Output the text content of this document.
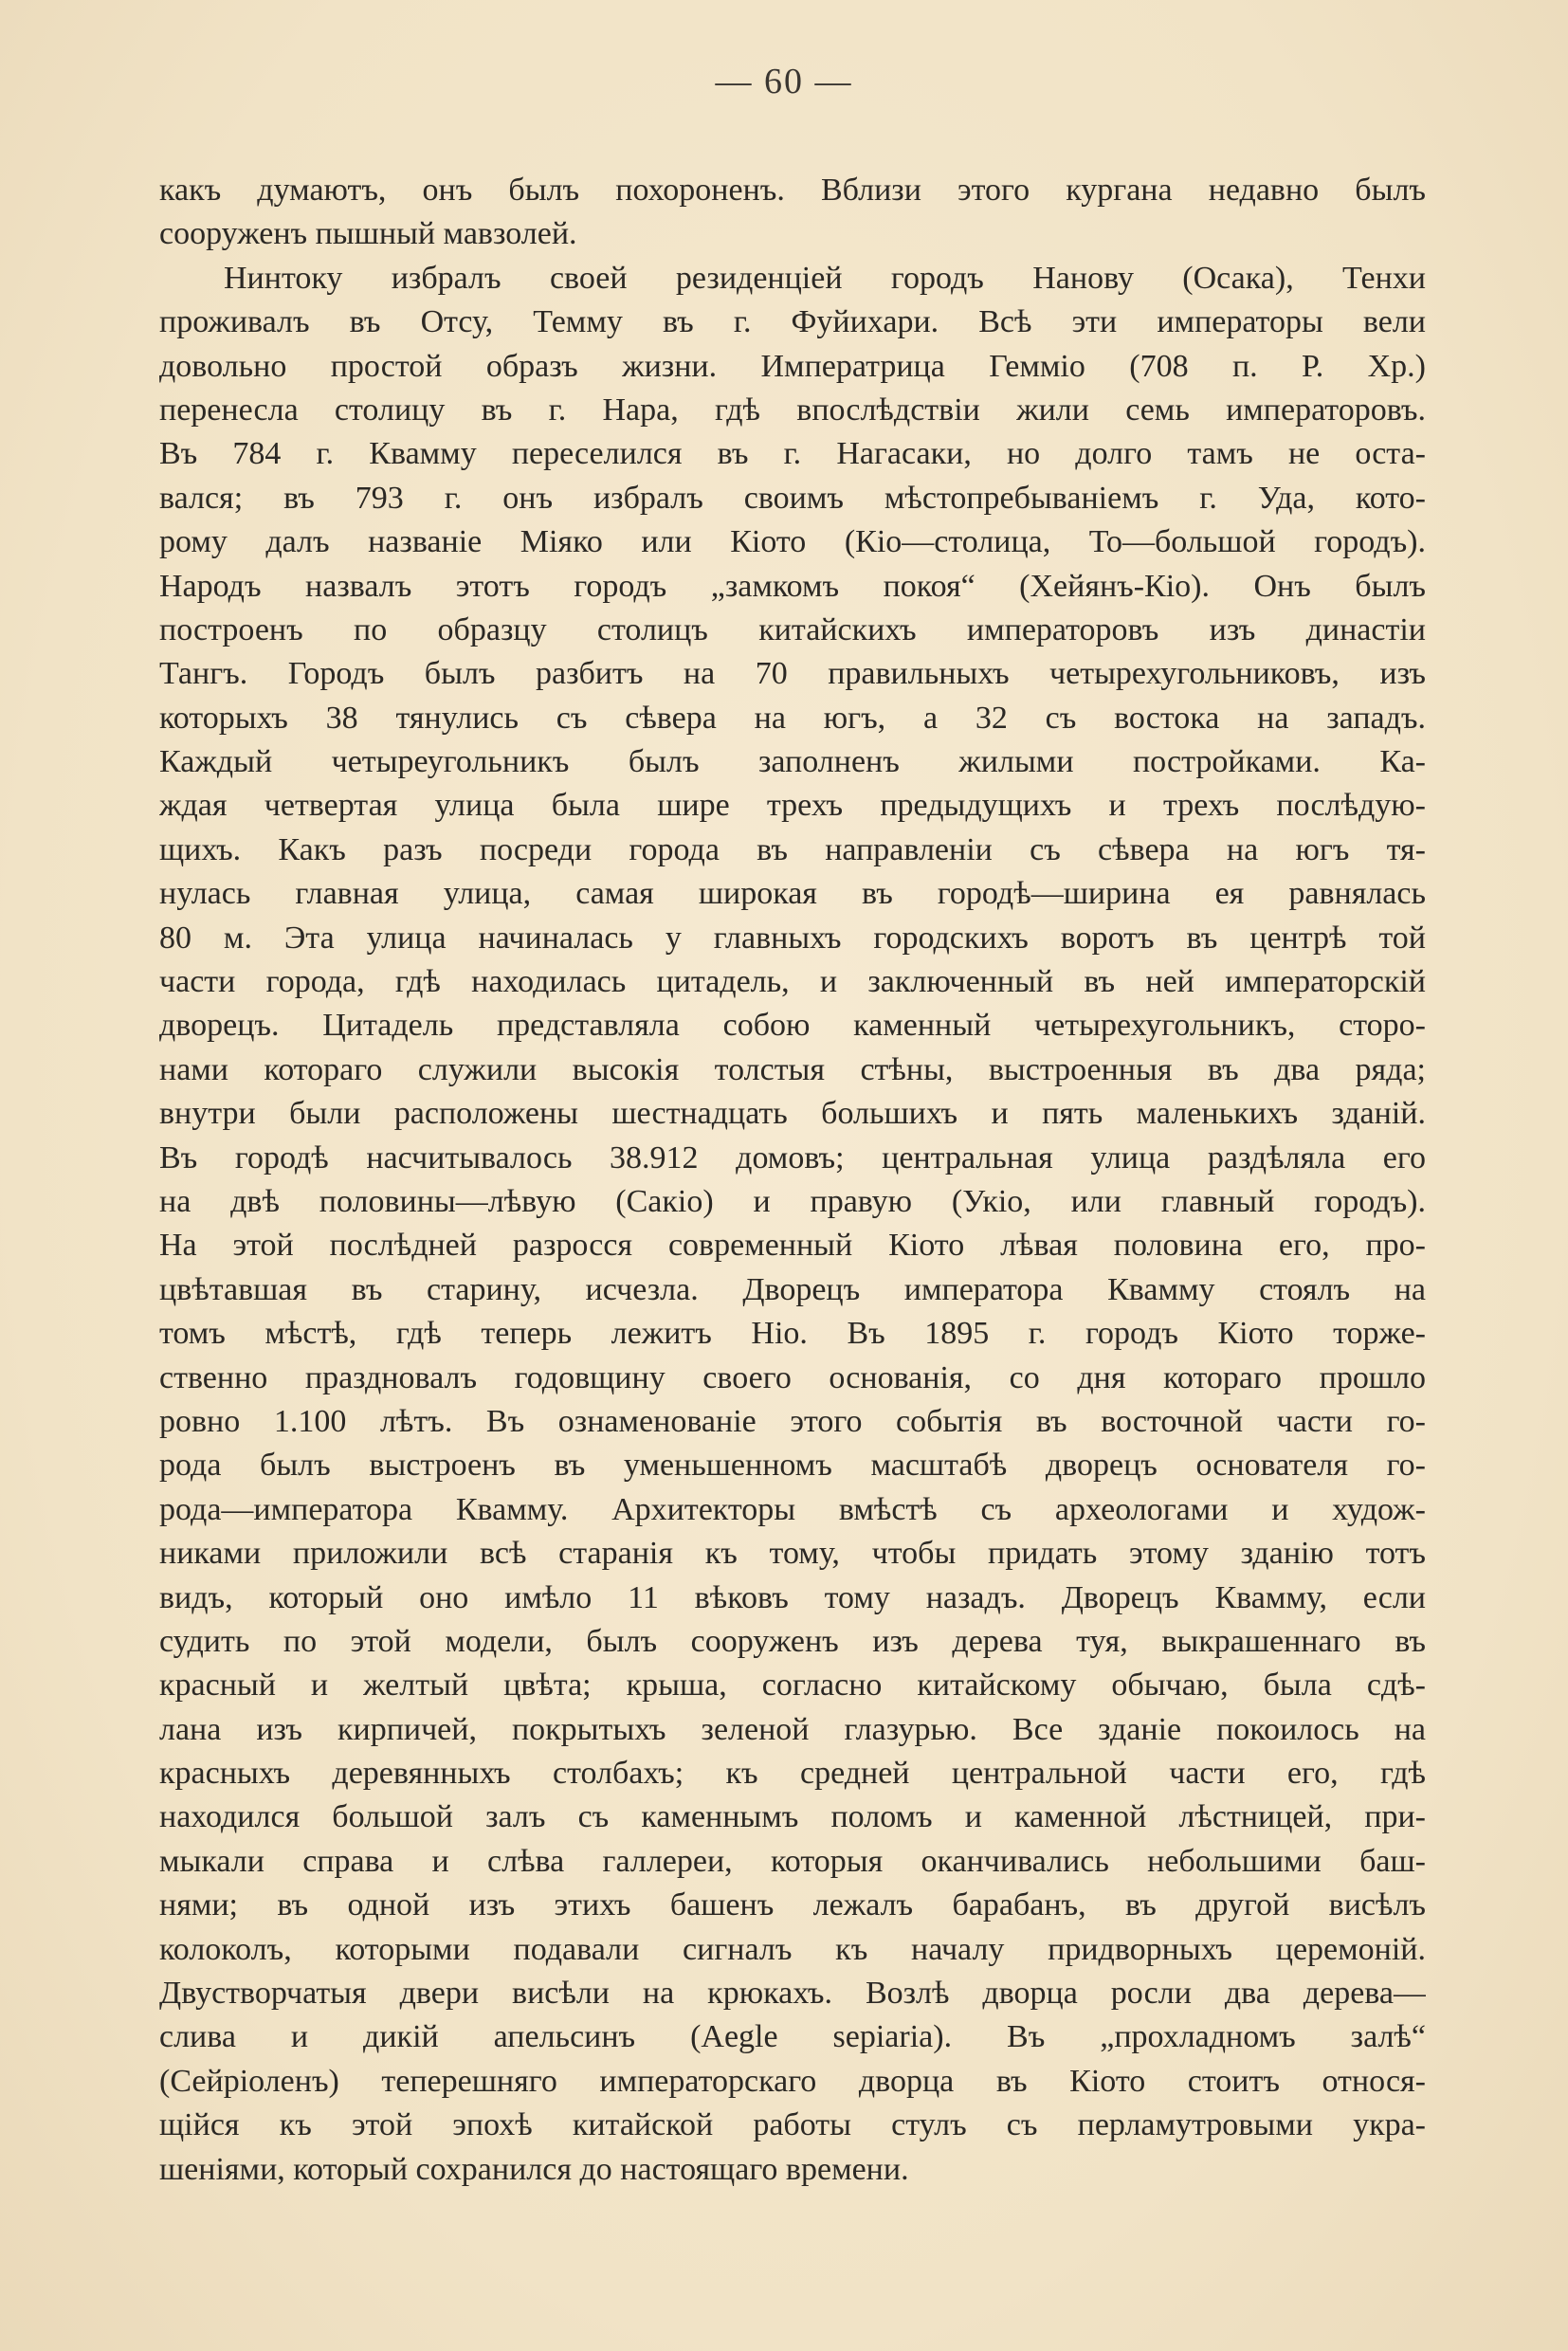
— 60 —
какъ думаютъ, онъ былъ похороненъ. Вблизи этого кургана недавно былъ
сооруженъ пышный мавзолей.
Нинтоку избралъ своей резиденціей городъ Нанову (Осака), Тенхи
проживалъ въ Отсу, Темму въ г. Фуйихари. Всѣ эти императоры вели
довольно простой образъ жизни. Императрица Гемміо (708 п. Р. Хр.)
перенесла столицу въ г. Нара, гдѣ впослѣдствіи жили семь императоровъ.
Въ 784 г. Квамму переселился въ г. Нагасаки, но долго тамъ не оста-
вался; въ 793 г. онъ избралъ своимъ мѣстопребываніемъ г. Уда, кото-
рому далъ названіе Міяко или Кіото (Кіо—столица, То—большой городъ).
Народъ назвалъ этотъ городъ „замкомъ покоя“ (Хейянъ-Кіо). Онъ былъ
построенъ по образцу столицъ китайскихъ императоровъ изъ династіи
Тангъ. Городъ былъ разбитъ на 70 правильныхъ четырехугольниковъ, изъ
которыхъ 38 тянулись съ сѣвера на югъ, а 32 съ востока на западъ.
Каждый четыреугольникъ былъ заполненъ жилыми постройками. Ка-
ждая четвертая улица была шире трехъ предыдущихъ и трехъ послѣдую-
щихъ. Какъ разъ посреди города въ направленіи съ сѣвера на югъ тя-
нулась главная улица, самая широкая въ городѣ—ширина ея равнялась
80 м. Эта улица начиналась у главныхъ городскихъ воротъ въ центрѣ той
части города, гдѣ находилась цитадель, и заключенный въ ней императорскій
дворецъ. Цитадель представляла собою каменный четырехугольникъ, сторо-
нами котораго служили высокія толстыя стѣны, выстроенныя въ два ряда;
внутри были расположены шестнадцать большихъ и пять маленькихъ зданій.
Въ городѣ насчитывалось 38.912 домовъ; центральная улица раздѣляла его
на двѣ половины—лѣвую (Сакіо) и правую (Укіо, или главный городъ).
На этой послѣдней разросся современный Кіото лѣвая половина его, про-
цвѣтавшая въ старину, исчезла. Дворецъ императора Квамму стоялъ на
томъ мѣстѣ, гдѣ теперь лежитъ Ніо. Въ 1895 г. городъ Кіото торже-
ственно праздновалъ годовщину своего основанія, со дня котораго прошло
ровно 1.100 лѣтъ. Въ ознаменованіе этого событія въ восточной части го-
рода былъ выстроенъ въ уменьшенномъ масштабѣ дворецъ основателя го-
рода—императора Квамму. Архитекторы вмѣстѣ съ археологами и худож-
никами приложили всѣ старанія къ тому, чтобы придать этому зданію тотъ
видъ, который оно имѣло 11 вѣковъ тому назадъ. Дворецъ Квамму, если
судить по этой модели, былъ сооруженъ изъ дерева туя, выкрашеннаго въ
красный и желтый цвѣта; крыша, согласно китайскому обычаю, была сдѣ-
лана изъ кирпичей, покрытыхъ зеленой глазурью. Все зданіе покоилось на
красныхъ деревянныхъ столбахъ; къ средней центральной части его, гдѣ
находился большой залъ съ каменнымъ поломъ и каменной лѣстницей, при-
мыкали справа и слѣва галлереи, которыя оканчивались небольшими баш-
нями; въ одной изъ этихъ башенъ лежалъ барабанъ, въ другой висѣлъ
колоколъ, которыми подавали сигналъ къ началу придворныхъ церемоній.
Двустворчатыя двери висѣли на крюкахъ. Возлѣ дворца росли два дерева—
слива и дикій апельсинъ (Aegle sepiaria). Въ „прохладномъ залѣ“
(Сейріоленъ) теперешняго императорскаго дворца въ Кіото стоитъ относя-
щійся къ этой эпохѣ китайской работы стулъ съ перламутровыми укра-
шеніями, который сохранился до настоящаго времени.
